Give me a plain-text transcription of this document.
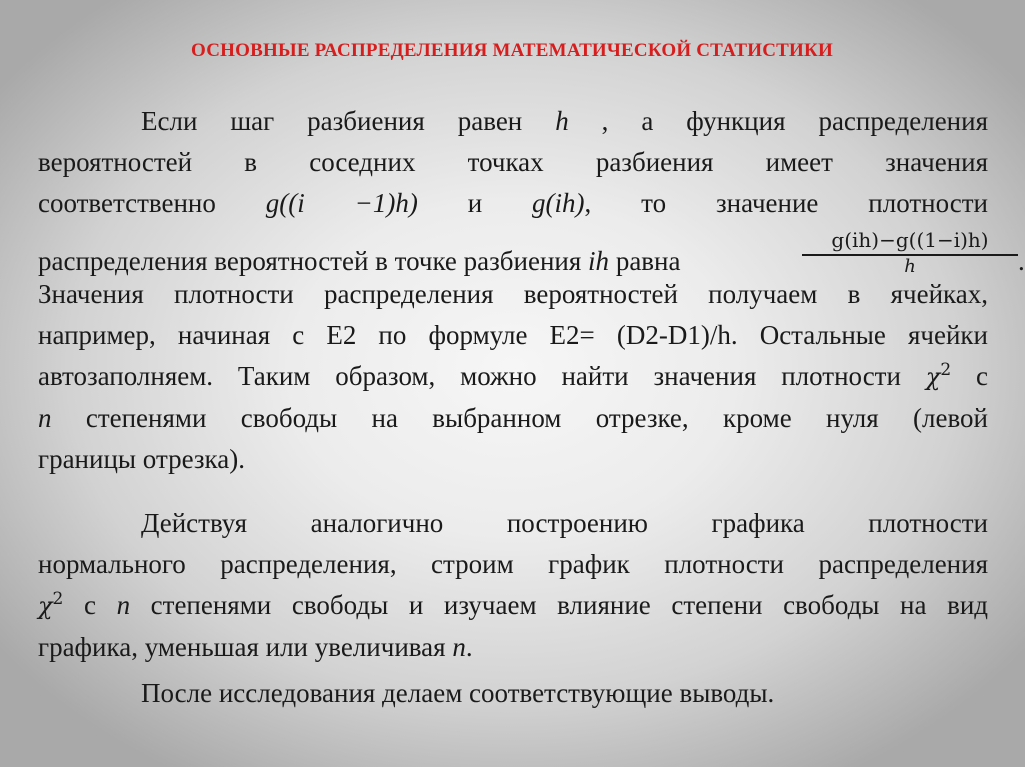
ОСНОВНЫЕ РАСПРЕДЕЛЕНИЯ МАТЕМАТИЧЕСКОЙ СТАТИСТИКИ
Если шаг разбиения равен h , а функция распределения
вероятностей в соседних точках разбиения имеет значения
соответственно g((i −1)h) и g(ih), то значение плотности
распределения вероятностей в точке разбиения ih равна	$\frac{g(ih)-g((1-i)h)}{h}$ .
Значения плотности распределения вероятностей получаем в ячейках,
например, начиная с E2 по формуле E2= (D2-D1)/h. Остальные ячейки
автозаполняем. Таким образом, можно найти значения плотности $\chi^2$ с
n степенями свободы на выбранном отрезке, кроме нуля (левой
границы отрезка).
Действуя аналогично построению графика плотности
нормального распределения, строим график плотности распределения
$\chi^2$ с n степенями свободы и изучаем влияние степени свободы на вид
графика, уменьшая или увеличивая n.

После исследования делаем соответствующие выводы.
